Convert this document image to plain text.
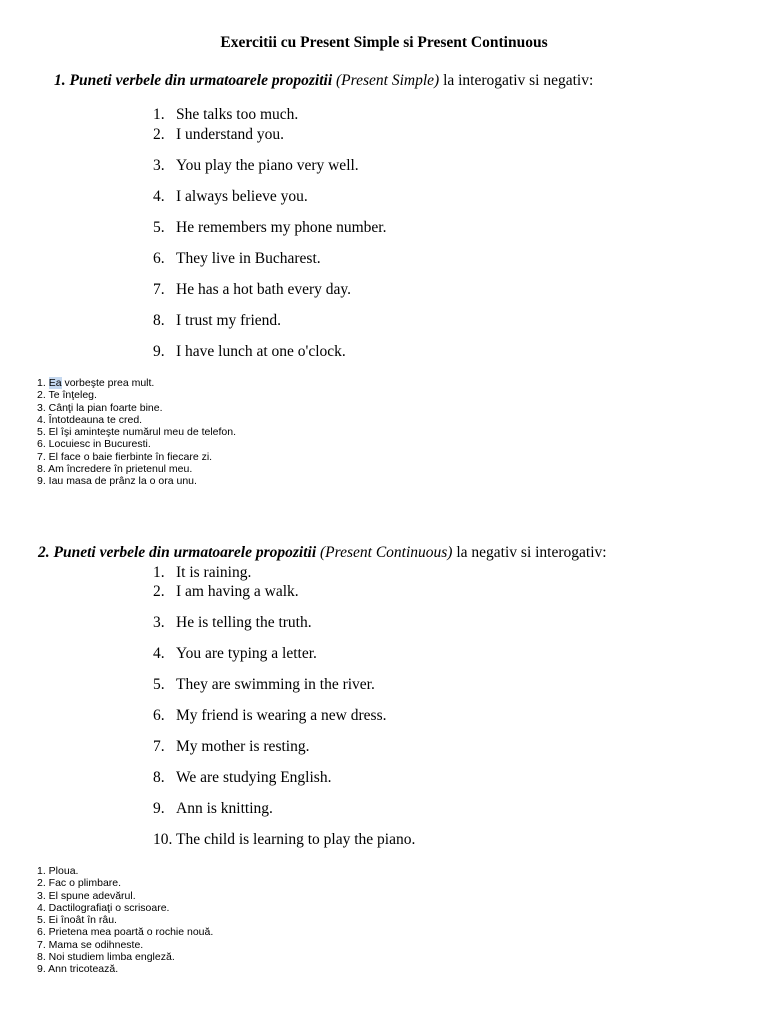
Exercitii cu Present Simple si Present Continuous
1. Puneti verbele din urmatoarele propozitii (Present Simple) la interogativ si negativ:
1. She talks too much.
2. I understand you.
3. You play the piano very well.
4. I always believe you.
5. He remembers my phone number.
6. They live in Bucharest.
7. He has a hot bath every day.
8. I trust my friend.
9. I have lunch at one o'clock.
1. Ea vorbeşte prea mult.
2. Te înţeleg.
3. Cânţi la pian foarte bine.
4. Întotdeauna te cred.
5. El îşi aminteşte numărul meu de telefon.
6. Locuiesc in Bucuresti.
7. El face o baie fierbinte în fiecare zi.
8. Am încredere în prietenul meu.
9. Iau masa de prânz la o ora unu.
2. Puneti verbele din urmatoarele propozitii (Present Continuous) la negativ si interogativ:
1. It is raining.
2. I am having a walk.
3. He is telling the truth.
4. You are typing a letter.
5. They are swimming in the river.
6. My friend is wearing a new dress.
7. My mother is resting.
8. We are studying English.
9. Ann is knitting.
10. The child is learning to play the piano.
1. Ploua.
2. Fac o plimbare.
3. El spune adevărul.
4. Dactilografiaţi o scrisoare.
5. Ei înoât în râu.
6. Prietena mea poartă o rochie nouă.
7. Mama se odihneste.
8. Noi studiem limba engleză.
9. Ann tricotează.
